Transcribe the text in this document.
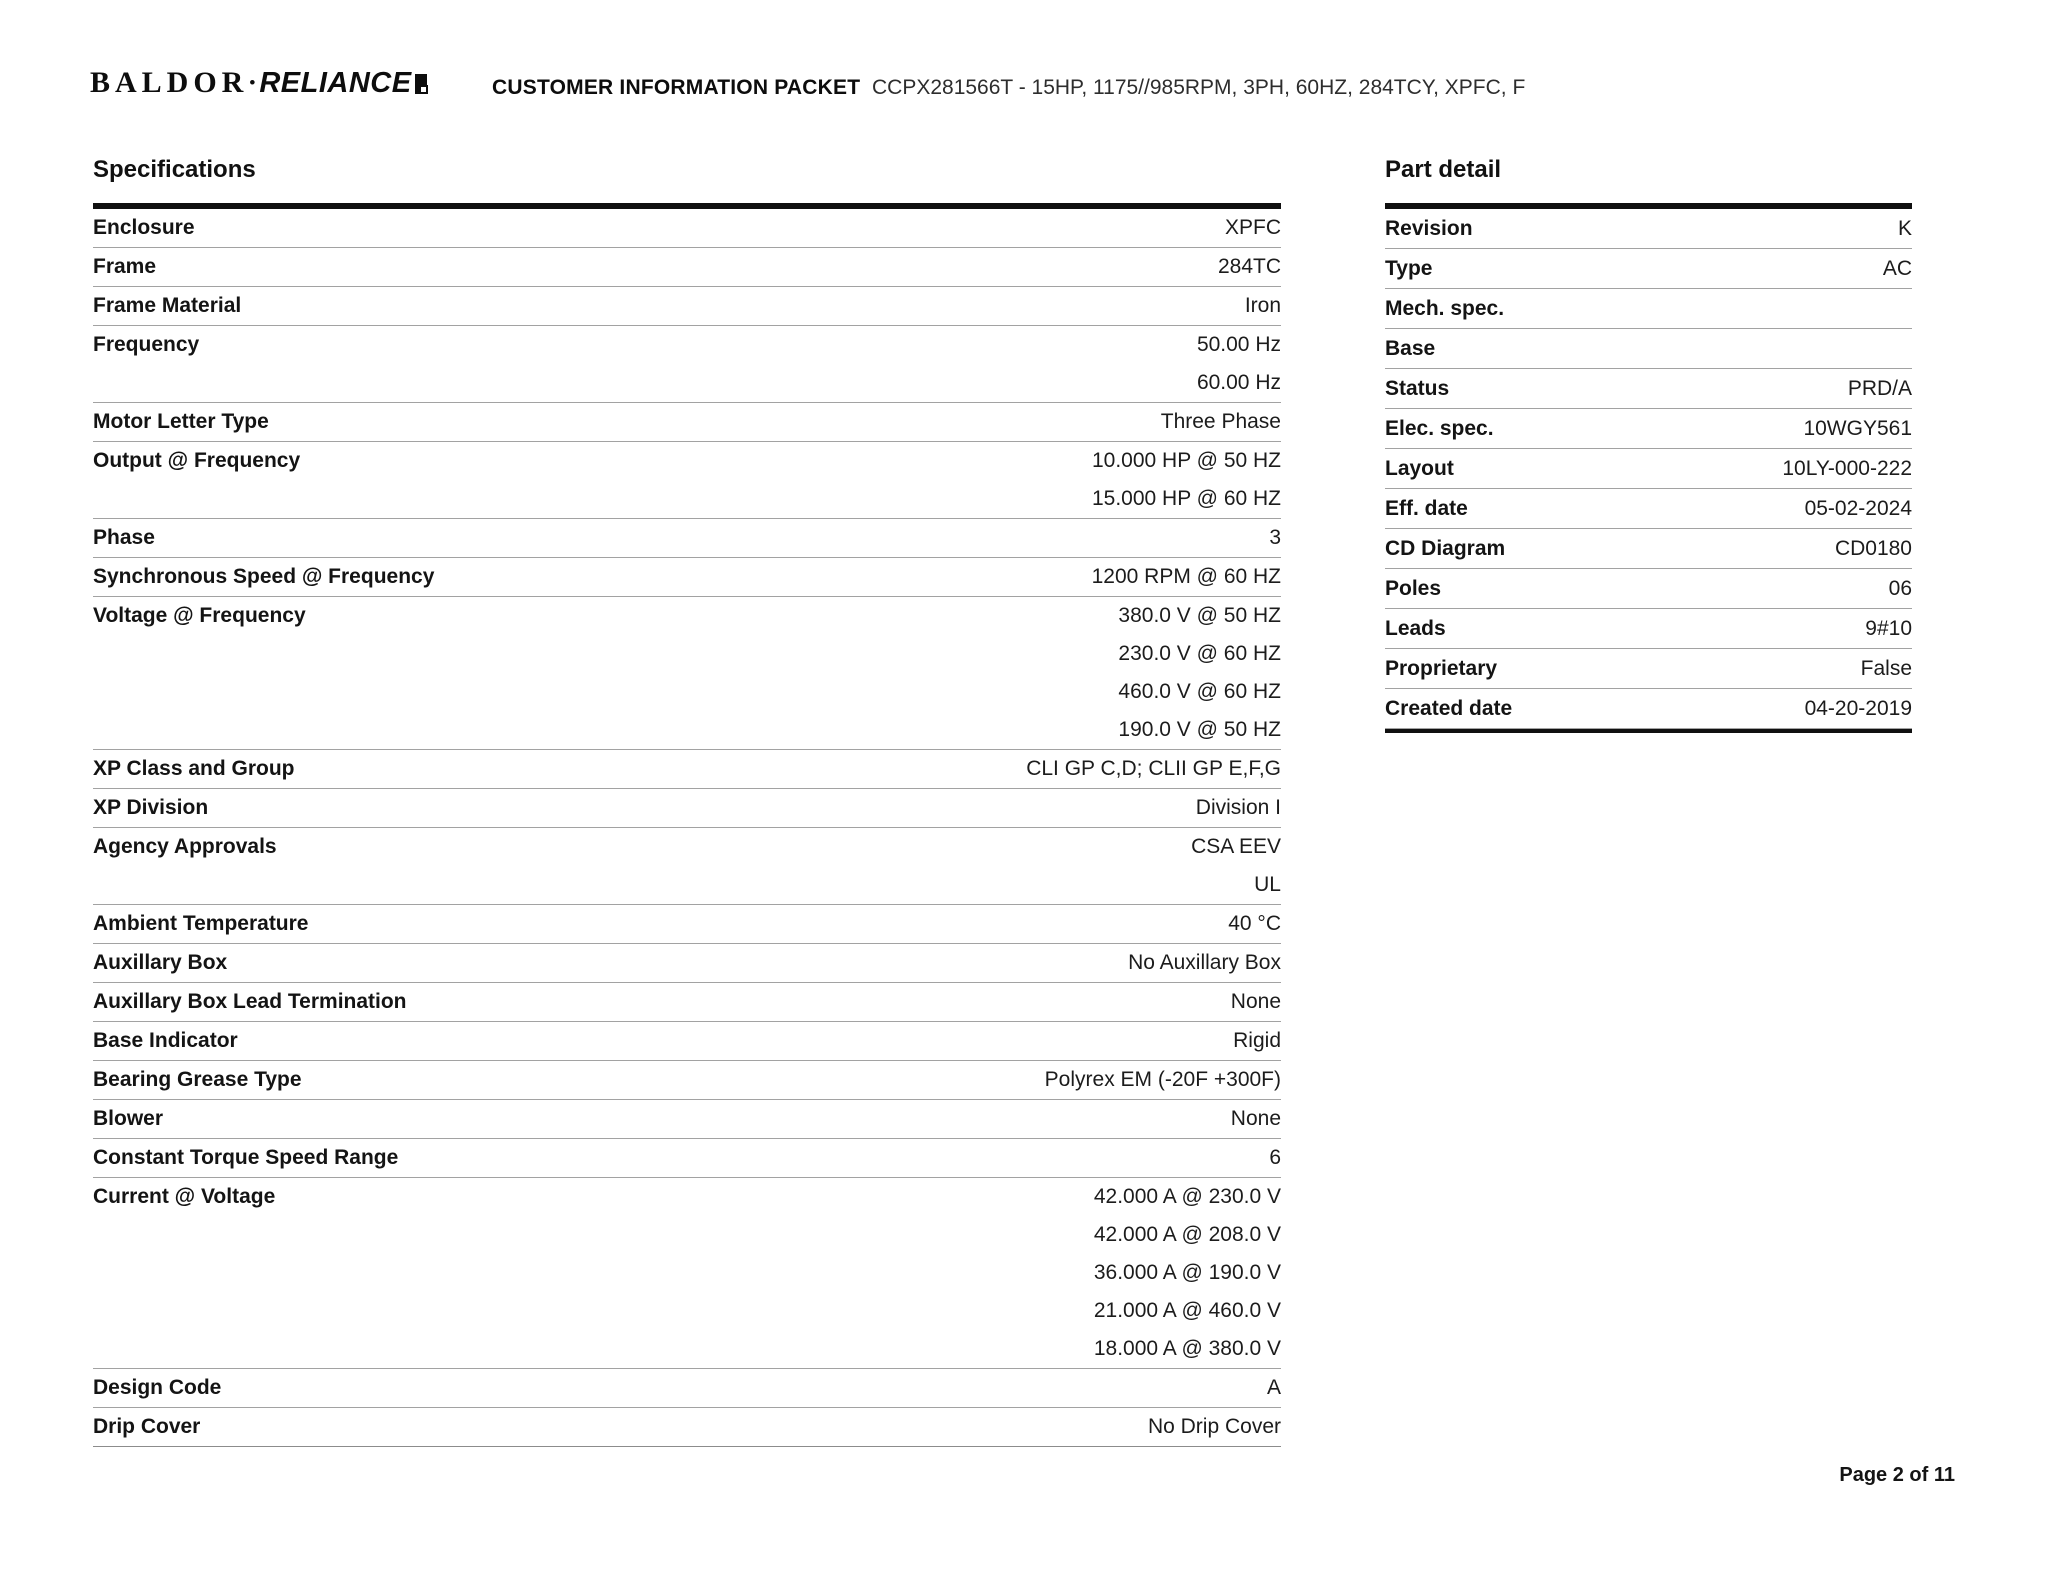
BALDOR• RELIANCE	CUSTOMER INFORMATION PACKET CCPX281566T - 15HP, 1175//985RPM, 3PH, 60HZ, 284TCY, XPFC, F
Specifications
Enclosure	XPFC
Frame	284TC
Frame Material	Iron
Frequency	50.00 Hz
60.00 Hz
Motor Letter Type	Three Phase
Output @ Frequency	10.000 HP @ 50 HZ
15.000 HP @ 60 HZ
Phase	3
Synchronous Speed @ Frequency	1200 RPM @ 60 HZ
Voltage @ Frequency	380.0 V @ 50 HZ
230.0 V @ 60 HZ
460.0 V @ 60 HZ
190.0 V @ 50 HZ
XP Class and Group	CLI GP C,D; CLII GP E,F,G
XP Division	Division I
Agency Approvals	CSA EEV
UL
Ambient Temperature	40 °C
Auxillary Box	No Auxillary Box
Auxillary Box Lead Termination	None
Base Indicator	Rigid
Bearing Grease Type	Polyrex EM (-20F +300F)
Blower	None
Constant Torque Speed Range	6
Current @ Voltage	42.000 A @ 230.0 V
42.000 A @ 208.0 V
36.000 A @ 190.0 V
21.000 A @ 460.0 V
18.000 A @ 380.0 V
Design Code	A
Drip Cover	No Drip Cover
Part detail
Revision	K
Type	AC
Mech. spec.
Base
Status	PRD/A
Elec. spec.	10WGY561
Layout	10LY-000-222
Eff. date	05-02-2024
CD Diagram	CD0180
Poles	06
Leads	9#10
Proprietary	False
Created date	04-20-2019
Page 2 of 11
